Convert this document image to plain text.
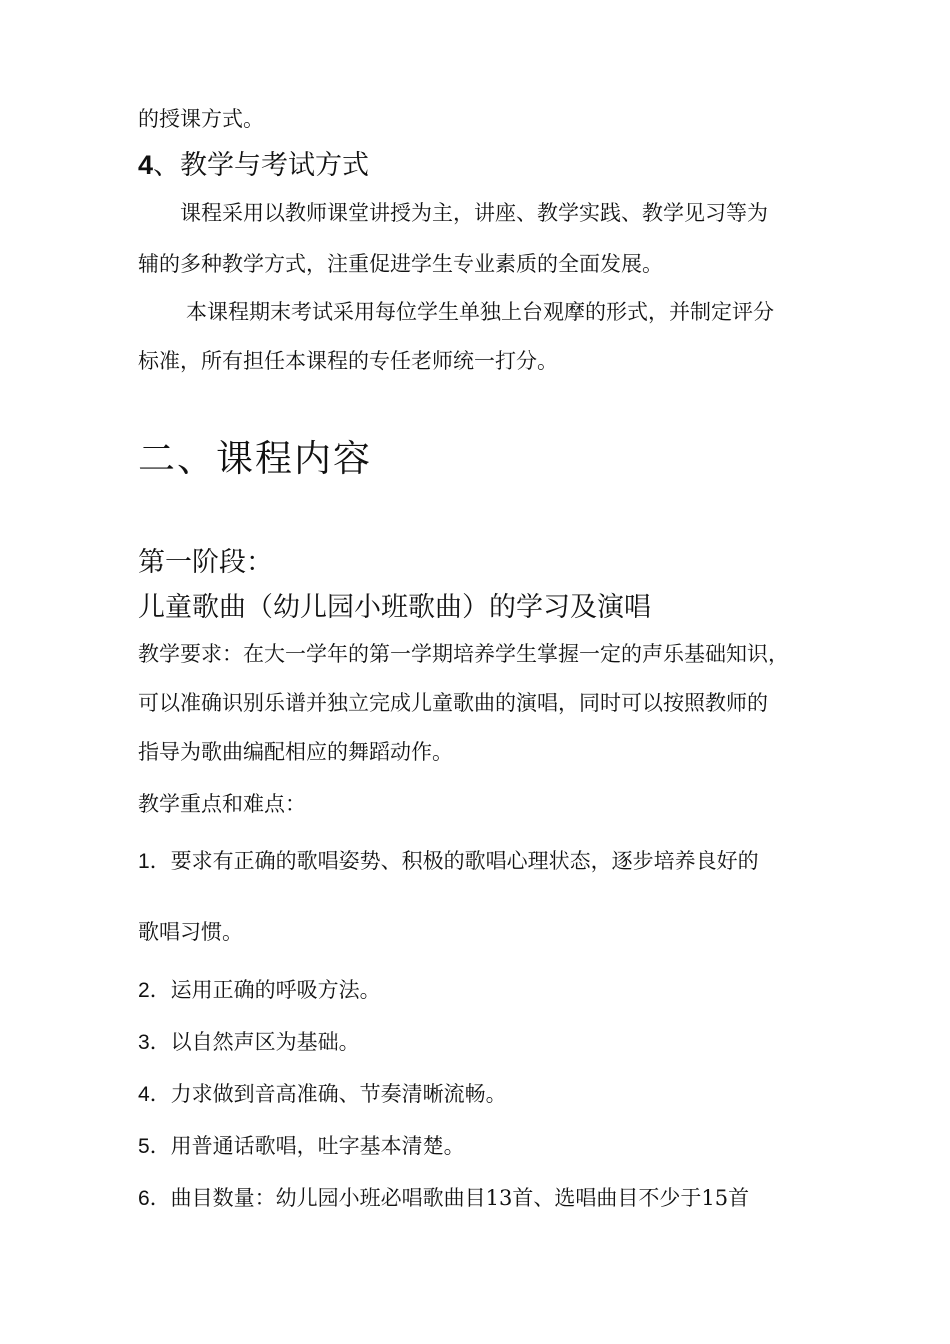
的授课方式。

4、教学与考试方式

课程采用以教师课堂讲授为主，讲座、教学实践、教学见习等为

辅的多种教学方式，注重促进学生专业素质的全面发展。

本课程期末考试采用每位学生单独上台观摩的形式，并制定评分

标准，所有担任本课程的专任老师统一打分。

二、课程内容

第一阶段：

儿童歌曲（幼儿园小班歌曲）的学习及演唱

教学要求：在大一学年的第一学期培养学生掌握一定的声乐基础知识，

可以准确识别乐谱并独立完成儿童歌曲的演唱，同时可以按照教师的

指导为歌曲编配相应的舞蹈动作。

教学重点和难点：

1．要求有正确的歌唱姿势、积极的歌唱心理状态，逐步培养良好的

歌唱习惯。

2．运用正确的呼吸方法。

3．以自然声区为基础。

4．力求做到音高准确、节奏清晰流畅。

5．用普通话歌唱，吐字基本清楚。

6．曲目数量：幼儿园小班必唱歌曲目13首、选唱曲目不少于15首
